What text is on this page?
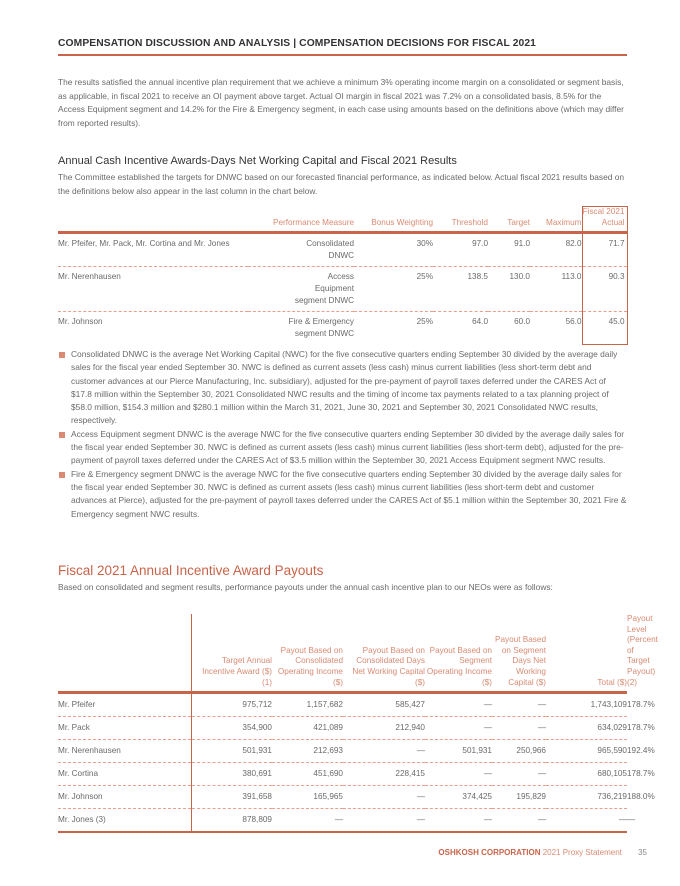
COMPENSATION DISCUSSION AND ANALYSIS | COMPENSATION DECISIONS FOR FISCAL 2021
The results satisfied the annual incentive plan requirement that we achieve a minimum 3% operating income margin on a consolidated or segment basis, as applicable, in fiscal 2021 to receive an OI payment above target. Actual OI margin in fiscal 2021 was 7.2% on a consolidated basis, 8.5% for the Access Equipment segment and 14.2% for the Fire & Emergency segment, in each case using amounts based on the definitions above (which may differ from reported results).
Annual Cash Incentive Awards-Days Net Working Capital and Fiscal 2021 Results
The Committee established the targets for DNWC based on our forecasted financial performance, as indicated below. Actual fiscal 2021 results based on the definitions below also appear in the last column in the chart below.
	Performance Measure	Bonus Weighting	Threshold	Target	Maximum	Fiscal 2021 Actual
Mr. Pfeifer, Mr. Pack, Mr. Cortina and Mr. Jones	Consolidated DNWC	30%	97.0	91.0	82.0	71.7
Mr. Nerenhausen	Access Equipment segment DNWC	25%	138.5	130.0	113.0	90.3
Mr. Johnson	Fire & Emergency segment DNWC	25%	64.0	60.0	56.0	45.0
Consolidated DNWC is the average Net Working Capital (NWC) for the five consecutive quarters ending September 30 divided by the average daily sales for the fiscal year ended September 30. NWC is defined as current assets (less cash) minus current liabilities (less short-term debt and customer advances at our Pierce Manufacturing, Inc. subsidiary), adjusted for the pre-payment of payroll taxes deferred under the CARES Act of $17.8 million within the September 30, 2021 Consolidated NWC results and the timing of income tax payments related to a tax planning project of $58.0 million, $154.3 million and $280.1 million within the March 31, 2021, June 30, 2021 and September 30, 2021 Consolidated NWC results, respectively.
Access Equipment segment DNWC is the average NWC for the five consecutive quarters ending September 30 divided by the average daily sales for the fiscal year ended September 30. NWC is defined as current assets (less cash) minus current liabilities (less short-term debt), adjusted for the pre-payment of payroll taxes deferred under the CARES Act of $3.5 million within the September 30, 2021 Access Equipment segment NWC results.
Fire & Emergency segment DNWC is the average NWC for the five consecutive quarters ending September 30 divided by the average daily sales for the fiscal year ended September 30. NWC is defined as current assets (less cash) minus current liabilities (less short-term debt and customer advances at Pierce), adjusted for the pre-payment of payroll taxes deferred under the CARES Act of $5.1 million within the September 30, 2021 Fire & Emergency segment NWC results.
Fiscal 2021 Annual Incentive Award Payouts
Based on consolidated and segment results, performance payouts under the annual cash incentive plan to our NEOs were as follows:
	Target Annual Incentive Award ($) (1)	Payout Based on Consolidated Operating Income ($)	Payout Based on Consolidated Days Net Working Capital ($)	Payout Based on Segment Operating Income ($)	Payout Based on Segment Days Net Working Capital ($)	Total ($)	Payout Level (Percent of Target Payout) (2)
Mr. Pfeifer	975,712	1,157,682	585,427	—	—	1,743,109	178.7%
Mr. Pack	354,900	421,089	212,940	—	—	634,029	178.7%
Mr. Nerenhausen	501,931	212,693	—	501,931	250,966	965,590	192.4%
Mr. Cortina	380,691	451,690	228,415	—	—	680,105	178.7%
Mr. Johnson	391,658	165,965	—	374,425	195,829	736,219	188.0%
Mr. Jones (3)	878,809	—	—	—	—	—	—
OSHKOSH CORPORATION 2021 Proxy Statement 35
